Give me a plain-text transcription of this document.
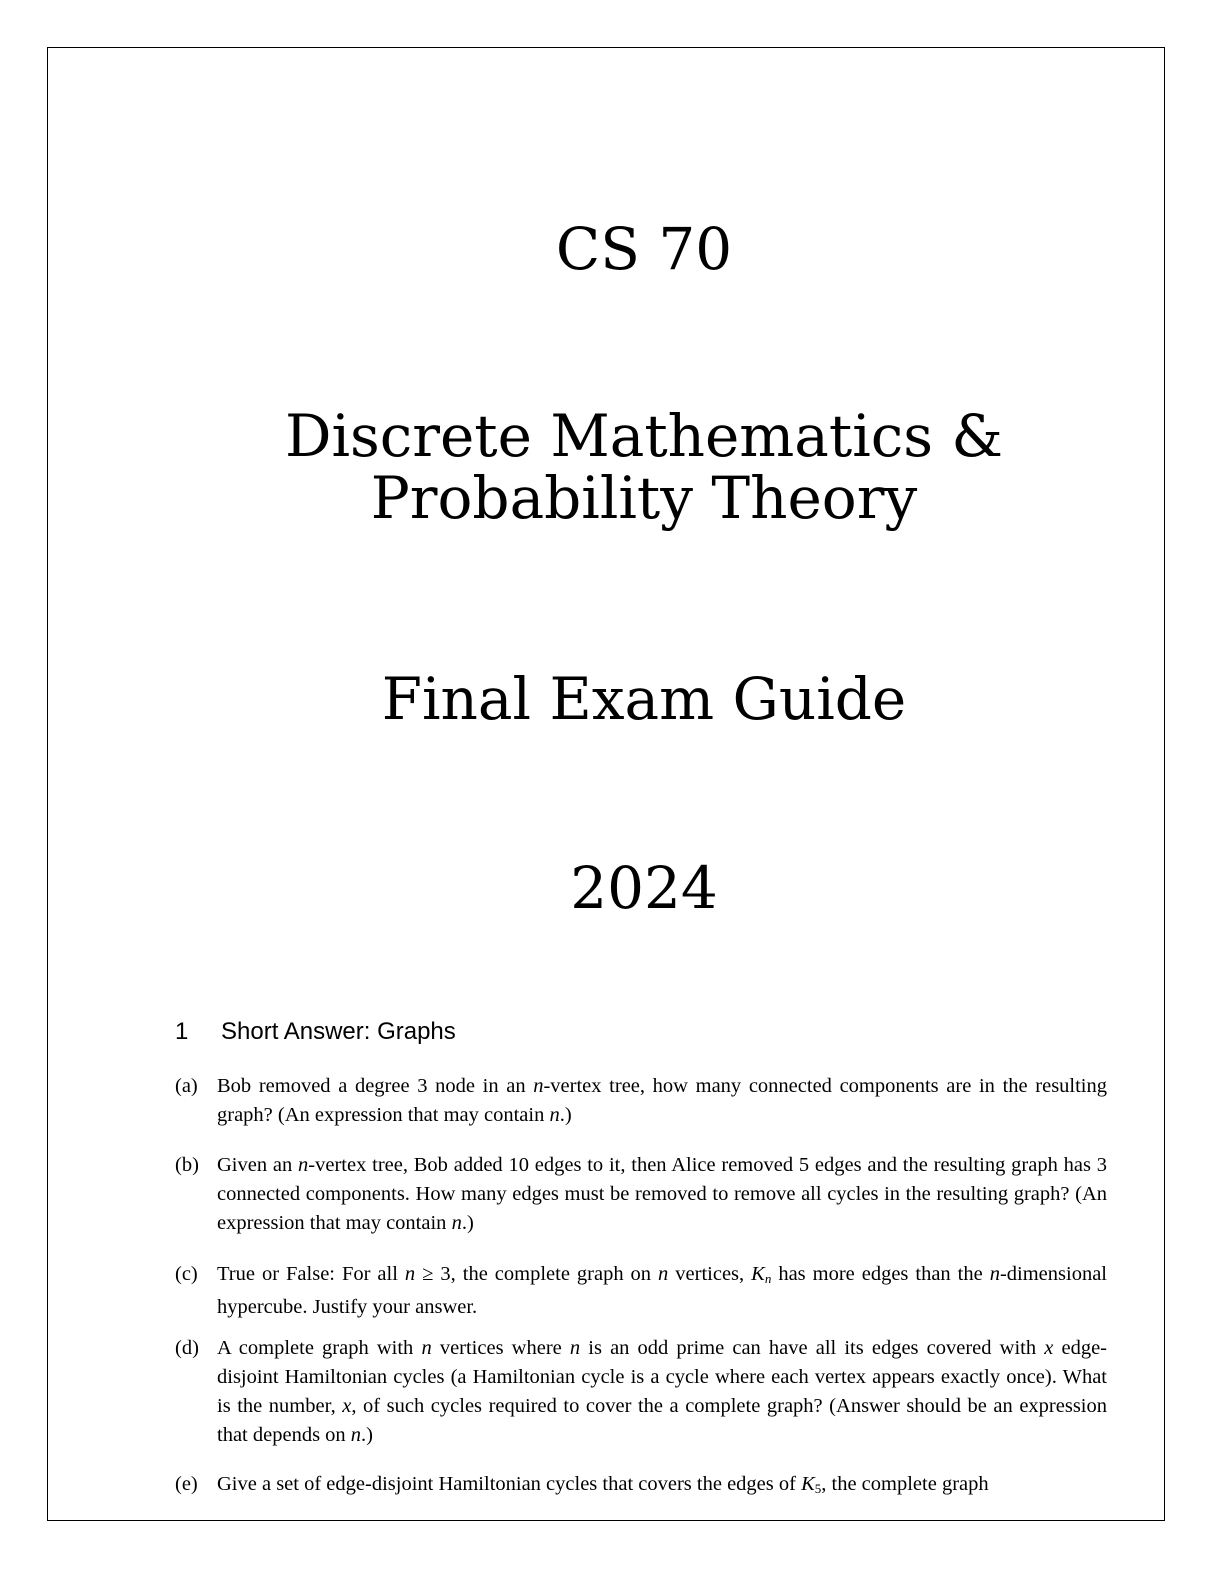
CS 70
Discrete Mathematics &
Probability Theory
Final Exam Guide
2024
1 Short Answer: Graphs
(a) Bob removed a degree 3 node in an n-vertex tree, how many connected components are in the resulting graph? (An expression that may contain n.)
(b) Given an n-vertex tree, Bob added 10 edges to it, then Alice removed 5 edges and the resulting graph has 3 connected components. How many edges must be removed to remove all cycles in the resulting graph? (An expression that may contain n.)
(c) True or False: For all n ≥ 3, the complete graph on n vertices, $K_n$ has more edges than the n-dimensional hypercube. Justify your answer.
(d) A complete graph with n vertices where n is an odd prime can have all its edges covered with x edge-disjoint Hamiltonian cycles (a Hamiltonian cycle is a cycle where each vertex appears exactly once). What is the number, x, of such cycles required to cover the a complete graph? (Answer should be an expression that depends on n.)
(e) Give a set of edge-disjoint Hamiltonian cycles that covers the edges of $K_5$, the complete graph
